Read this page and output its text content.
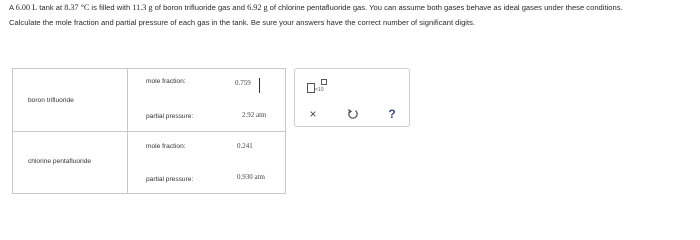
A 6.00 L tank at 8.37 °C is filled with 11.3 g of boron trifluoride gas and 6.92 g of chlorine pentafluoride gas. You can assume both gases behave as ideal gases under these conditions.

Calculate the mole fraction and partial pressure of each gas in the tank. Be sure your answers have the correct number of significant digits.

boron trifluoride
mole fraction:	0.759
partial pressure:	2.92 atm
chlorine pentafluoride
mole fraction:	0.241
partial pressure:	0.930 atm
×10
×	?
